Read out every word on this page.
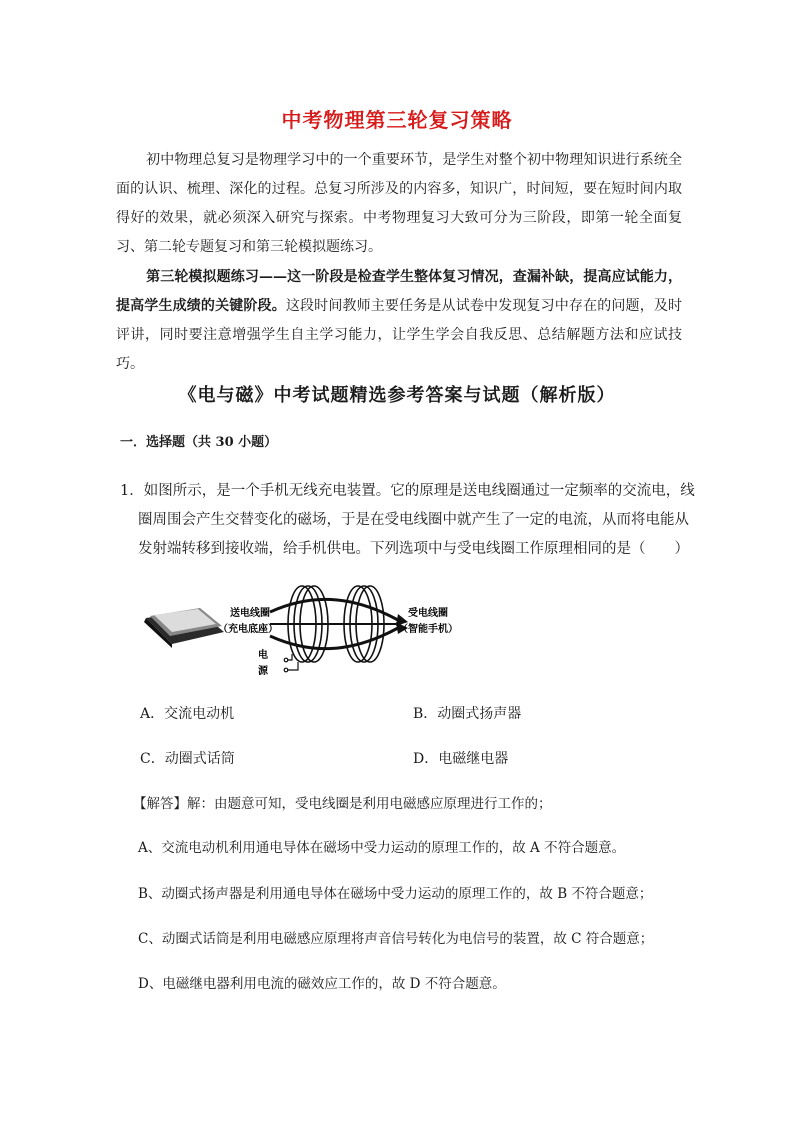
中考物理第三轮复习策略
初中物理总复习是物理学习中的一个重要环节，是学生对整个初中物理知识进行系统全面的认识、梳理、深化的过程。总复习所涉及的内容多，知识广，时间短，要在短时间内取得好的效果，就必须深入研究与探索。中考物理复习大致可分为三阶段，即第一轮全面复习、第二轮专题复习和第三轮模拟题练习。
第三轮模拟题练习——这一阶段是检查学生整体复习情况，查漏补缺，提高应试能力，提高学生成绩的关键阶段。这段时间教师主要任务是从试卷中发现复习中存在的问题，及时评讲，同时要注意增强学生自主学习能力，让学生学会自我反思、总结解题方法和应试技巧。
《电与磁》中考试题精选参考答案与试题（解析版）
一．选择题（共 30 小题）
1．如图所示，是一个手机无线充电装置。它的原理是送电线圈通过一定频率的交流电，线
圈周围会产生交替变化的磁场，于是在受电线圈中就产生了一定的电流，从而将电能从
发射端转移到接收端，给手机供电。下列选项中与受电线圈工作原理相同的是（　　）
送电线圈
（充电底座）
受电线圈
（智能手机）
电
源
A．交流电动机	B．动圈式扬声器
C．动圈式话筒	D．电磁继电器
【解答】解：由题意可知，受电线圈是利用电磁感应原理进行工作的；
A、交流电动机利用通电导体在磁场中受力运动的原理工作的，故 A 不符合题意。
B、动圈式扬声器是利用通电导体在磁场中受力运动的原理工作的，故 B 不符合题意；
C、动圈式话筒是利用电磁感应原理将声音信号转化为电信号的装置，故 C 符合题意；
D、电磁继电器利用电流的磁效应工作的，故 D 不符合题意。
